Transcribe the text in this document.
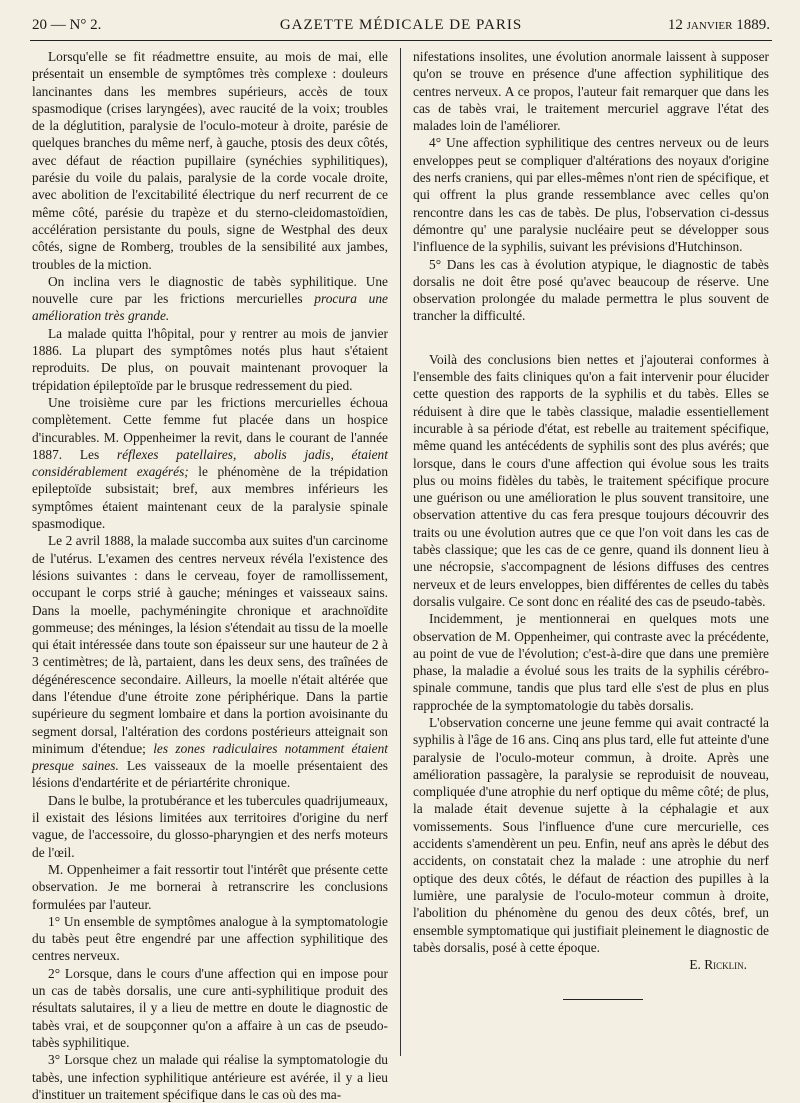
20 — N° 2.	GAZETTE MÉDICALE DE PARIS	12 janvier 1889.

Lorsqu'elle se fit réadmettre ensuite, au mois de mai, elle présentait un ensemble de symptômes très complexe : douleurs lancinantes dans les membres supérieurs, accès de toux spasmodique (crises laryngées), avec raucité de la voix; troubles de la déglutition, paralysie de l'oculo-moteur à droite, parésie de quelques branches du même nerf, à gauche, ptosis des deux côtés, avec défaut de réaction pupillaire (synéchies syphilitiques), parésie du voile du palais, paralysie de la corde vocale droite, avec abolition de l'excitabilité électrique du nerf recurrent de ce même côté, parésie du trapèze et du sterno-cleidomastoïdien, accélération persistante du pouls, signe de Westphal des deux côtés, signe de Romberg, troubles de la sensibilité aux jambes, troubles de la miction.

On inclina vers le diagnostic de tabès syphilitique. Une nouvelle cure par les frictions mercurielles procura une amélioration très grande.

La malade quitta l'hôpital, pour y rentrer au mois de janvier 1886. La plupart des symptômes notés plus haut s'étaient reproduits. De plus, on pouvait maintenant provoquer la trépidation épileptoïde par le brusque redressement du pied.

Une troisième cure par les frictions mercurielles échoua complètement. Cette femme fut placée dans un hospice d'incurables. M. Oppenheimer la revit, dans le courant de l'année 1887. Les réflexes patellaires, abolis jadis, étaient considérablement exagérés; le phénomène de la trépidation epileptoïde subsistait; bref, aux membres inférieurs les symptômes étaient maintenant ceux de la paralysie spinale spasmodique.

Le 2 avril 1888, la malade succomba aux suites d'un carcinome de l'utérus. L'examen des centres nerveux révéla l'existence des lésions suivantes : dans le cerveau, foyer de ramollissement, occupant le corps strié à gauche; méninges et vaisseaux sains. Dans la moelle, pachyméningite chronique et arachnoïdite gommeuse; des méninges, la lésion s'étendait au tissu de la moelle qui était intéressée dans toute son épaisseur sur une hauteur de 2 à 3 centimètres; de là, partaient, dans les deux sens, des traînées de dégénérescence secondaire. Ailleurs, la moelle n'était altérée que dans l'étendue d'une étroite zone périphérique. Dans la partie supérieure du segment lombaire et dans la portion avoisinante du segment dorsal, l'altération des cordons postérieurs atteignait son minimum d'étendue; les zones radiculaires notamment étaient presque saines. Les vaisseaux de la moelle présentaient des lésions d'endartérite et de périartérite chronique.

Dans le bulbe, la protubérance et les tubercules quadrijumeaux, il existait des lésions limitées aux territoires d'origine du nerf vague, de l'accessoire, du glosso-pharyngien et des nerfs moteurs de l'œil.

M. Oppenheimer a fait ressortir tout l'intérêt que présente cette observation. Je me bornerai à retranscrire les conclusions formulées par l'auteur.

1° Un ensemble de symptômes analogue à la symptomatologie du tabès peut être engendré par une affection syphilitique des centres nerveux.

2° Lorsque, dans le cours d'une affection qui en impose pour un cas de tabès dorsalis, une cure anti-syphilitique produit des résultats salutaires, il y a lieu de mettre en doute le diagnostic de tabès vrai, et de soupçonner qu'on a affaire à un cas de pseudo-tabès syphilitique.

3° Lorsque chez un malade qui réalise la symptomatologie du tabès, une infection syphilitique antérieure est avérée, il y a lieu d'instituer un traitement spécifique dans le cas où des ma-

nifestations insolites, une évolution anormale laissent à supposer qu'on se trouve en présence d'une affection syphilitique des centres nerveux. A ce propos, l'auteur fait remarquer que dans les cas de tabès vrai, le traitement mercuriel aggrave l'état des malades loin de l'améliorer.

4° Une affection syphilitique des centres nerveux ou de leurs enveloppes peut se compliquer d'altérations des noyaux d'origine des nerfs craniens, qui par elles-mêmes n'ont rien de spécifique, et qui offrent la plus grande ressemblance avec celles qu'on rencontre dans les cas de tabès. De plus, l'observation ci-dessus démontre qu' une paralysie nucléaire peut se développer sous l'influence de la syphilis, suivant les prévisions d'Hutchinson.

5° Dans les cas à évolution atypique, le diagnostic de tabès dorsalis ne doit être posé qu'avec beaucoup de réserve. Une observation prolongée du malade permettra le plus souvent de trancher la difficulté.

Voilà des conclusions bien nettes et j'ajouterai conformes à l'ensemble des faits cliniques qu'on a fait intervenir pour élucider cette question des rapports de la syphilis et du tabès. Elles se réduisent à dire que le tabès classique, maladie essentiellement incurable à sa période d'état, est rebelle au traitement spécifique, même quand les antécédents de syphilis sont des plus avérés; que lorsque, dans le cours d'une affection qui évolue sous les traits plus ou moins fidèles du tabès, le traitement spécifique procure une guérison ou une amélioration le plus souvent transitoire, une observation attentive du cas fera presque toujours découvrir des traits ou une évolution autres que ce que l'on voit dans les cas de tabès classique; que les cas de ce genre, quand ils donnent lieu à une nécropsie, s'accompagnent de lésions diffuses des centres nerveux et de leurs enveloppes, bien différentes de celles du tabès dorsalis vulgaire. Ce sont donc en réalité des cas de pseudo-tabès.

Incidemment, je mentionnerai en quelques mots une observation de M. Oppenheimer, qui contraste avec la précédente, au point de vue de l'évolution; c'est-à-dire que dans une première phase, la maladie a évolué sous les traits de la syphilis cérébro-spinale commune, tandis que plus tard elle s'est de plus en plus rapprochée de la symptomatologie du tabès dorsalis.

L'observation concerne une jeune femme qui avait contracté la syphilis à l'âge de 16 ans. Cinq ans plus tard, elle fut atteinte d'une paralysie de l'oculo-moteur commun, à droite. Après une amélioration passagère, la paralysie se reproduisit de nouveau, compliquée d'une atrophie du nerf optique du même côté; de plus, la malade était devenue sujette à la céphalagie et aux vomissements. Sous l'influence d'une cure mercurielle, ces accidents s'amendèrent un peu. Enfin, neuf ans après le début des accidents, on constatait chez la malade : une atrophie du nerf optique des deux côtés, le défaut de réaction des pupilles à la lumière, une paralysie de l'oculo-moteur commun à droite, l'abolition du phénomène du genou des deux côtés, bref, un ensemble symptomatique qui justifiait pleinement le diagnostic de tabès dorsalis, posé à cette époque.

E. Ricklin.
